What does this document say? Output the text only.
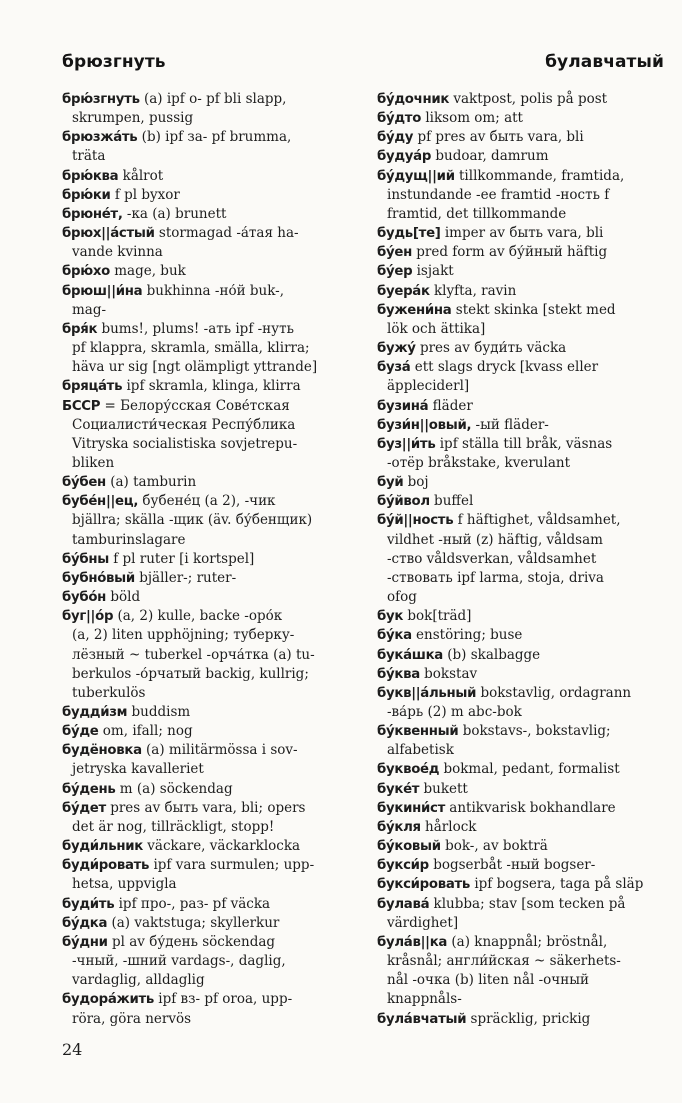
брюзгнуть	булавчатый
брю́згнуть (a) ipf о- pf bli slapp,
skrumpen, pussig
брюзжа́ть (b) ipf за- pf brumma,
träta
брю́ква kålrot
брю́ки f pl byxor
брюне́т, -ка (a) brunett
брюх||а́стый stormagad -а́тая ha-
vande kvinna
брю́хо mage, buk
брюш||и́на bukhinna -но́й buk-,
mag-
бря́к bums!, plums! -ать ipf -нуть
pf klappra, skramla, smälla, klirra;
häva ur sig [ngt olämpligt yttrande]
бряца́ть ipf skramla, klinga, klirra
БССР = Белору́сская Сове́тская
Социалисти́ческая Респу́блика
Vitryska socialistiska sovjetrepu-
bliken
бу́бен (a) tamburin
бубе́н||ец, бубене́ц (a 2), -чик
bjällra; skälla -щик (äv. бу́бенщик)
tamburinslagare
бу́бны f pl ruter [i kortspel]
бубно́вый bjäller-; ruter-
бубо́н böld
буг||о́р (a, 2) kulle, backe -оро́к
(a, 2) liten upphöjning; туберку-
лёзный ~ tuberkel -орча́тка (a) tu-
berkulos -о́рчатый backig, kullrig;
tuberkulös
будди́зм buddism
бу́де om, ifall; nog
будёновка (a) militärmössa i sov-
jetryska kavalleriet
бу́день m (a) söckendag
бу́дет pres av быть vara, bli; opers
det är nog, tillräckligt, stopp!
буди́льник väckare, väckarklocka
буди́ровать ipf vara surmulen; upp-
hetsa, uppvigla
буди́ть ipf про-, раз- pf väcka
бу́дка (a) vaktstuga; skyllerkur
бу́дни pl av бу́день söckendag
-чный, -шний vardags-, daglig,
vardaglig, alldaglig
будора́жить ipf вз- pf oroa, upp-
röra, göra nervös
бу́дочник vaktpost, polis på post
бу́дто liksom om; att
бу́ду pf pres av быть vara, bli
будуа́р budoar, damrum
бу́дущ||ий tillkommande, framtida,
instundande -ее framtid -ность f
framtid, det tillkommande
будь[те] imper av быть vara, bli
бу́ен pred form av бу́йный häftig
бу́ер isjakt
буера́к klyfta, ravin
бужени́на stekt skinka [stekt med
lök och ättika]
бужу́ pres av буди́ть väcka
буза́ ett slags dryck [kvass eller
äppleciderl]
бузина́ fläder
бузи́н||овый, -ый fläder-
буз||и́ть ipf ställa till bråk, väsnas
-отёр bråkstake, kverulant
буй boj
бу́йвол buffel
бу́й||ность f häftighet, våldsamhet,
vildhet -ный (z) häftig, våldsam
-ство våldsverkan, våldsamhet
-ствовать ipf larma, stoja, driva
ofog
бук bok[träd]
бу́ка enstöring; buse
бука́шка (b) skalbagge
бу́ква bokstav
букв||а́льный bokstavlig, ordagrann
-ва́рь (2) m abc-bok
бу́квенный bokstavs-, bokstavlig;
alfabetisk
буквое́д bokmal, pedant, formalist
буке́т bukett
букини́ст antikvarisk bokhandlare
бу́кля hårlock
бу́ковый bok-, av bokträ
букси́р bogserbåt -ный bogser-
букси́ровать ipf bogsera, taga på släp
булава́ klubba; stav [som tecken på
värdighet]
була́в||ка (a) knappnål; bröstnål,
kråsnål; англи́йская ~ säkerhets-
nål -очка (b) liten nål -очный
knappnåls-
була́вчатый spräcklig, prickig
24
